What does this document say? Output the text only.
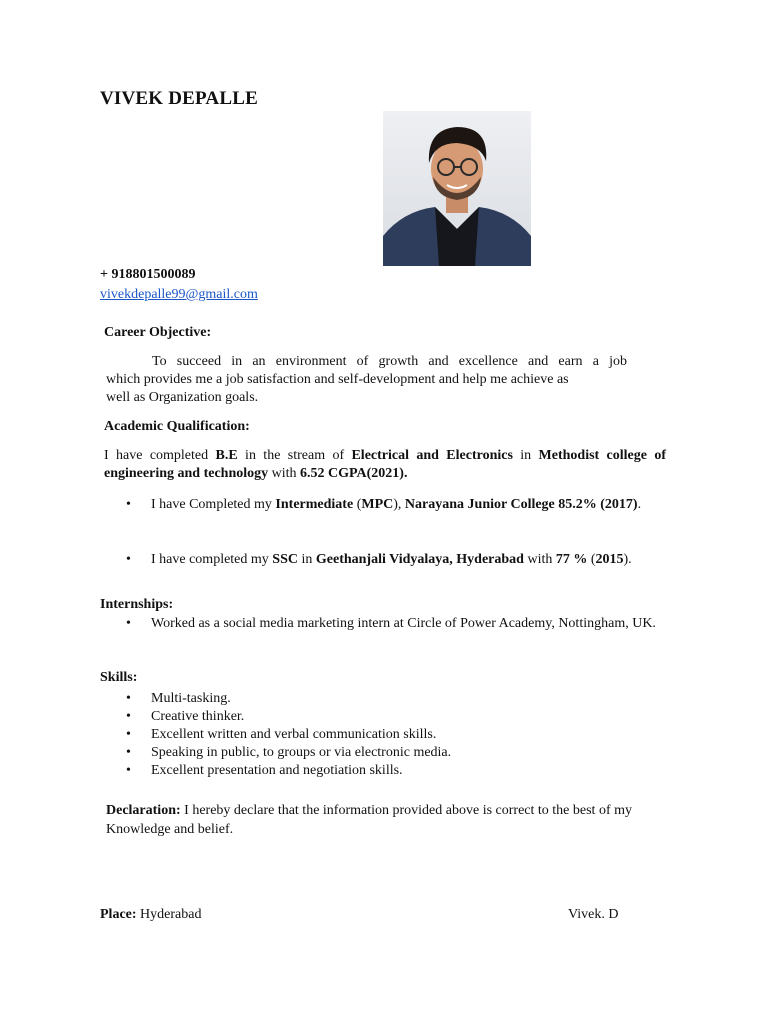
VIVEK DEPALLE
+ 918801500089
vivekdepalle99@gmail.com
Career Objective:
To succeed in an environment of growth and excellence and earn a job
which provides me a job satisfaction and self-development and help me achieve as
well as Organization goals.
Academic Qualification:
I have completed B.E in the stream of Electrical and Electronics in Methodist college of engineering and technology with 6.52 CGPA(2021).
• I have Completed my Intermediate (MPC), Narayana Junior College 85.2% (2017).
• I have completed my SSC in Geethanjali Vidyalaya, Hyderabad with 77 % (2015).
Internships:
• Worked as a social media marketing intern at Circle of Power Academy, Nottingham, UK.
Skills:
• Multi-tasking.
• Creative thinker.
• Excellent written and verbal communication skills.
• Speaking in public, to groups or via electronic media.
• Excellent presentation and negotiation skills.
Declaration: I hereby declare that the information provided above is correct to the best of my Knowledge and belief.
Place: Hyderabad	Vivek. D
